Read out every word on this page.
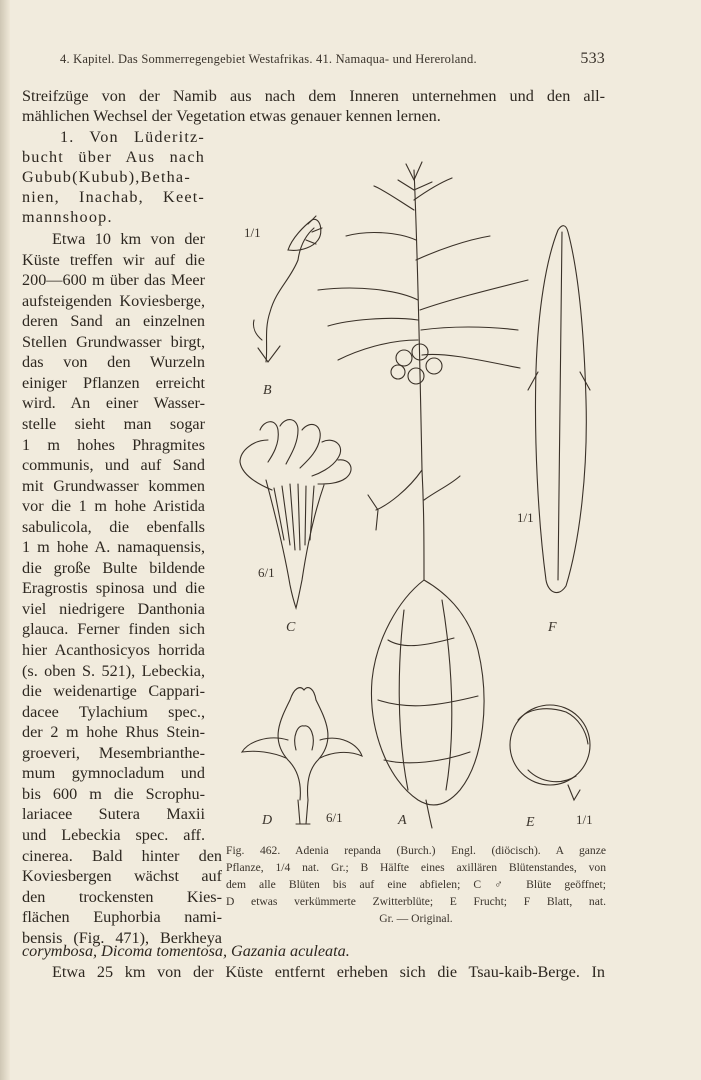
4. Kapitel. Das Sommerregengebiet Westafrikas. 41. Namaqua- und Hereroland.	533
Streifzüge von der Namib aus nach dem Inneren unternehmen und den all-
mählichen Wechsel der Vegetation etwas genauer kennen lernen.
1. Von Lüderitz-
bucht über Aus nach
Gubub(Kubub),Betha-
nien, Inachab, Keet-
mannshoop.
Etwa 10 km von der
Küste treffen wir auf die
200—600 m über das Meer
aufsteigenden Koviesberge,
deren Sand an einzelnen
Stellen Grundwasser birgt,
das von den Wurzeln
einiger Pflanzen erreicht
wird. An einer Wasser-
stelle sieht man sogar
1 m hohes Phragmites
communis, und auf Sand
mit Grundwasser kommen
vor die 1 m hohe Aristida
sabulicola, die ebenfalls
1 m hohe A. namaquensis,
die große Bulte bildende
Eragrostis spinosa und die
viel niedrigere Danthonia
glauca. Ferner finden sich
hier Acanthosicyos horrida
(s. oben S. 521), Lebeckia,
die weidenartige Cappari-
dacee Tylachium spec.,
der 2 m hohe Rhus Stein-
groeveri, Mesembrianthe-
mum gymnocladum und
bis 600 m die Scrophu-
lariacee Sutera Maxii
und Lebeckia spec. aff.
cinerea. Bald hinter den
Koviesbergen wächst auf
den trockensten Kies-
flächen Euphorbia nami-
bensis (Fig. 471), Berkheya
corymbosa, Dicoma tomentosa, Gazania aculeata.
Etwa 25 km von der Küste entfernt erheben sich die Tsau-kaib-Berge. In
B
1/1
C
6/1
D	6/1	A	E	1/1
F
1/1
Fig. 462. Adenia repanda (Burch.) Engl. (diöcisch). A ganze
Pflanze, 1/4 nat. Gr.; B Hälfte eines axillären Blütenstandes, von
dem alle Blüten bis auf eine abfielen; C ♂ Blüte geöffnet;
D etwas verkümmerte Zwitterblüte; E Frucht; F Blatt, nat.
Gr. — Original.
